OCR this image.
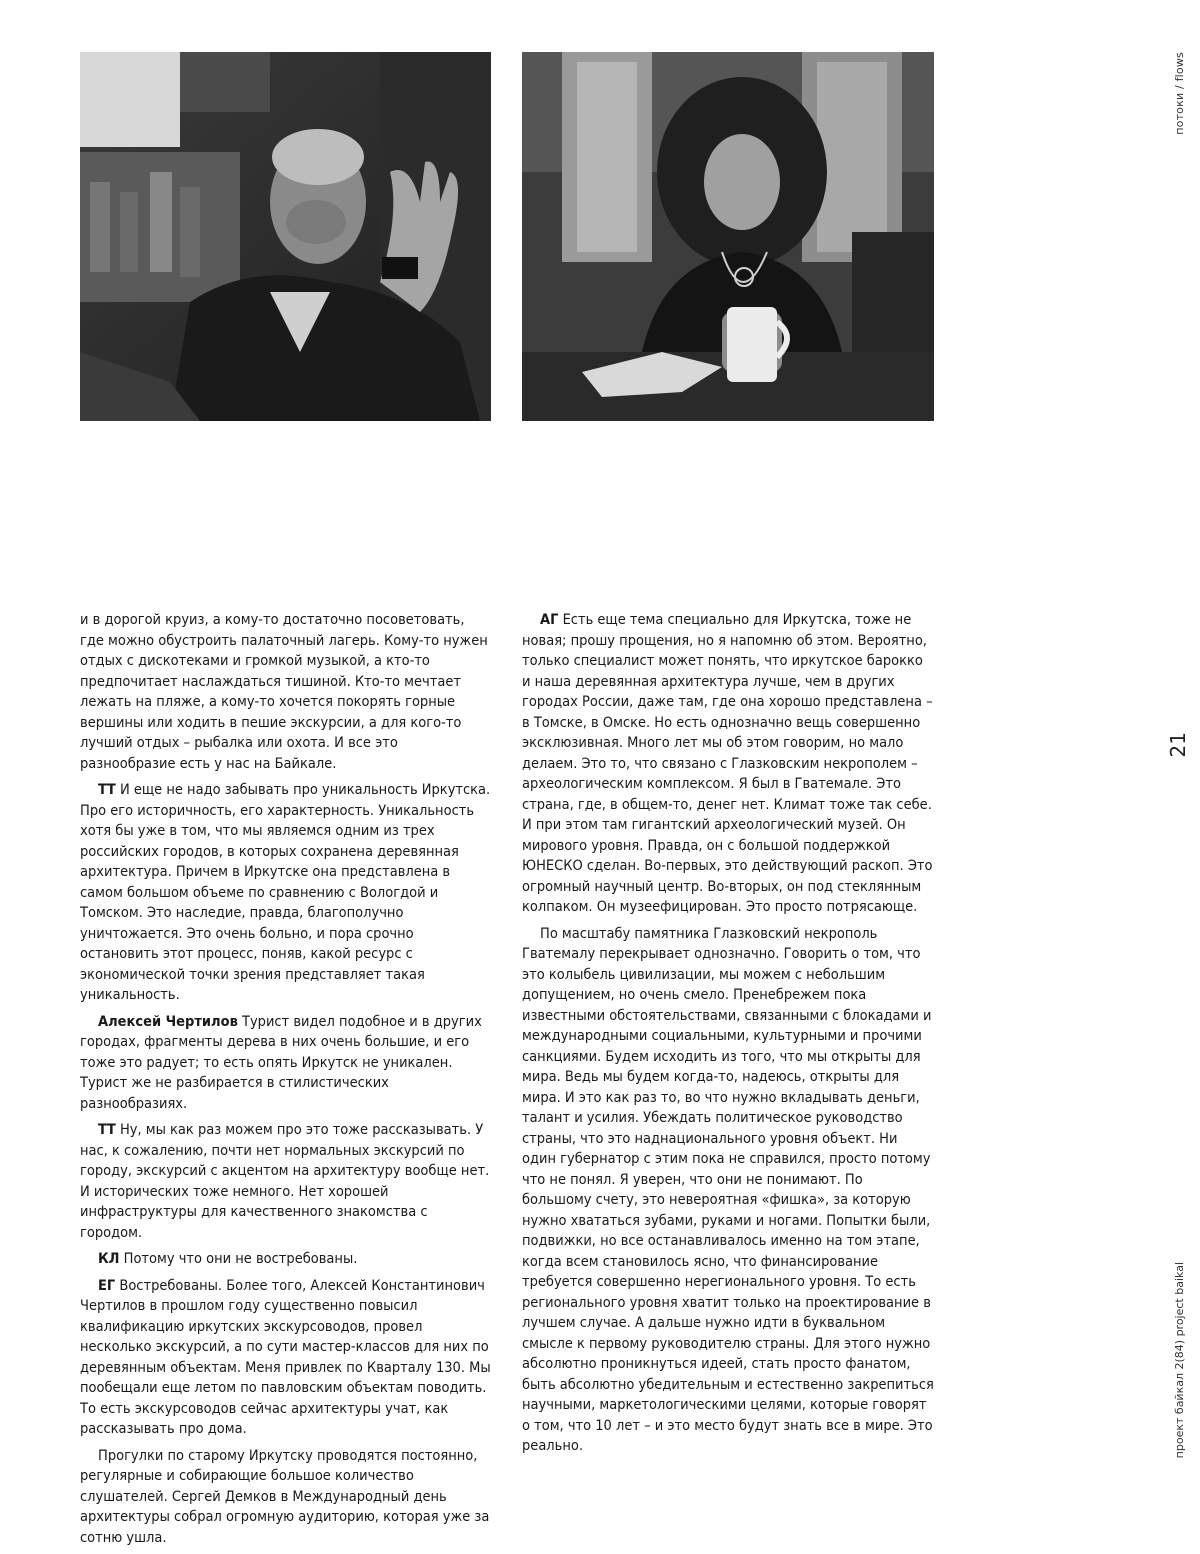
потоки / flows
21
проект байкал 2(84) project baikal

и в дорогой круиз, а кому-то достаточно посоветовать, где можно обустроить палаточный лагерь. Кому-то нужен отдых с дискотеками и громкой музыкой, а кто-то предпочитает наслаждаться тишиной. Кто-то мечтает лежать на пляже, а кому-то хочется покорять горные вершины или ходить в пешие экскурсии, а для кого-то лучший отдых – рыбалка или охота. И все это разнообразие есть у нас на Байкале.

ТТ И еще не надо забывать про уникальность Иркутска. Про его историчность, его характерность. Уникальность хотя бы уже в том, что мы являемся одним из трех российских городов, в которых сохранена деревянная архитектура. Причем в Иркутске она представлена в самом большом объеме по сравнению с Вологдой и Томском. Это наследие, правда, благополучно уничтожается. Это очень больно, и пора срочно остановить этот процесс, поняв, какой ресурс с экономической точки зрения представляет такая уникальность.

Алексей Чертилов Турист видел подобное и в других городах, фрагменты дерева в них очень большие, и его тоже это радует; то есть опять Иркутск не уникален. Турист же не разбирается в стилистических разнообразиях.

ТТ Ну, мы как раз можем про это тоже рассказывать. У нас, к сожалению, почти нет нормальных экскурсий по городу, экскурсий с акцентом на архитектуру вообще нет. И исторических тоже немного. Нет хорошей инфраструктуры для качественного знакомства с городом.

КЛ Потому что они не востребованы.

ЕГ Востребованы. Более того, Алексей Константинович Чертилов в прошлом году существенно повысил квалификацию иркутских экскурсоводов, провел несколько экскурсий, а по сути мастер-классов для них по деревянным объектам. Меня привлек по Кварталу 130. Мы пообещали еще летом по павловским объектам поводить. То есть экскурсоводов сейчас архитектуры учат, как рассказывать про дома.

Прогулки по старому Иркутску проводятся постоянно, регулярные и собирающие большое количество слушателей. Сергей Демков в Международный день архитектуры собрал огромную аудиторию, которая уже за сотню ушла.

АГ Есть еще тема специально для Иркутска, тоже не новая; прошу прощения, но я напомню об этом. Вероятно, только специалист может понять, что иркутское барокко и наша деревянная архитектура лучше, чем в других городах России, даже там, где она хорошо представлена – в Томске, в Омске. Но есть однозначно вещь совершенно эксклюзивная. Много лет мы об этом говорим, но мало делаем. Это то, что связано с Глазковским некрополем – археологическим комплексом. Я был в Гватемале. Это страна, где, в общем-то, денег нет. Климат тоже так себе. И при этом там гигантский археологический музей. Он мирового уровня. Правда, он с большой поддержкой ЮНЕСКО сделан. Во-первых, это действующий раскоп. Это огромный научный центр. Во-вторых, он под стеклянным колпаком. Он музеефицирован. Это просто потрясающе.

По масштабу памятника Глазковский некрополь Гватемалу перекрывает однозначно. Говорить о том, что это колыбель цивилизации, мы можем с небольшим допущением, но очень смело. Пренебрежем пока известными обстоятельствами, связанными с блокадами и международными социальными, культурными и прочими санкциями. Будем исходить из того, что мы открыты для мира. Ведь мы будем когда-то, надеюсь, открыты для мира. И это как раз то, во что нужно вкладывать деньги, талант и усилия. Убеждать политическое руководство страны, что это наднационального уровня объект. Ни один губернатор с этим пока не справился, просто потому что не понял. Я уверен, что они не понимают. По большому счету, это невероятная «фишка», за которую нужно хвататься зубами, руками и ногами. Попытки были, подвижки, но все останавливалось именно на том этапе, когда всем становилось ясно, что финансирование требуется совершенно нерегионального уровня. То есть регионального уровня хватит только на проектирование в лучшем случае. А дальше нужно идти в буквальном смысле к первому руководителю страны. Для этого нужно абсолютно проникнуться идеей, стать просто фанатом, быть абсолютно убедительным и естественно закрепиться научными, маркетологическими целями, которые говорят о том, что 10 лет – и это место будут знать все в мире. Это реально.
